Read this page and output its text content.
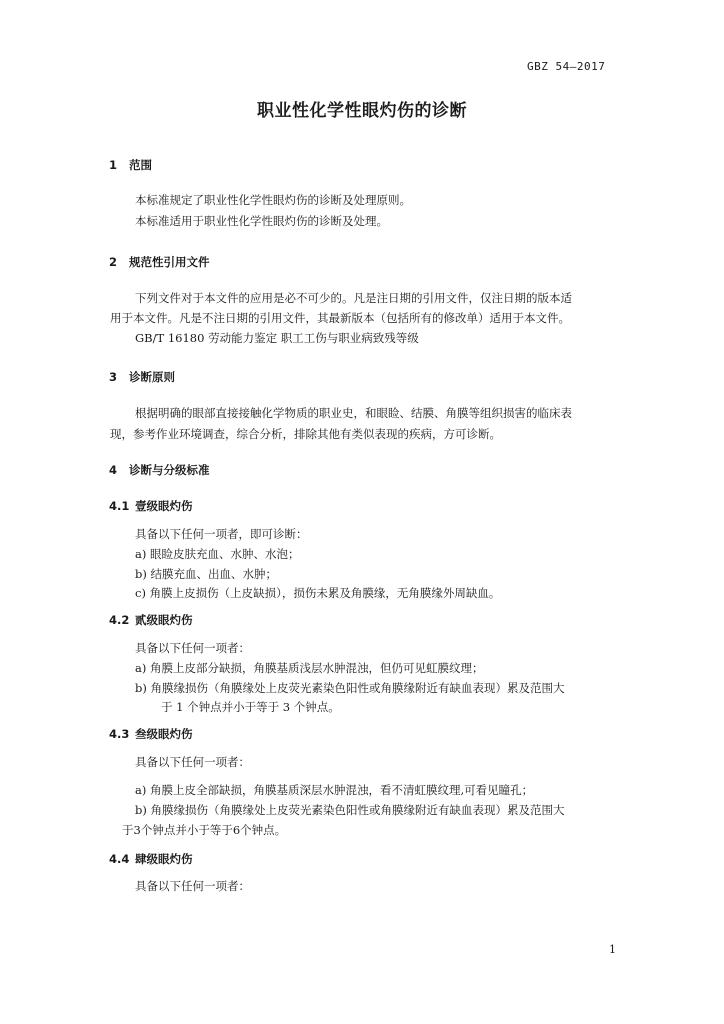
GBZ 54—2017
职业性化学性眼灼伤的诊断
1 范围
本标准规定了职业性化学性眼灼伤的诊断及处理原则。
本标准适用于职业性化学性眼灼伤的诊断及处理。
2 规范性引用文件
下列文件对于本文件的应用是必不可少的。凡是注日期的引用文件，仅注日期的版本适
用于本文件。凡是不注日期的引用文件，其最新版本（包括所有的修改单）适用于本文件。
GB/T 16180 劳动能力鉴定 职工工伤与职业病致残等级
3 诊断原则
根据明确的眼部直接接触化学物质的职业史，和眼睑、结膜、角膜等组织损害的临床表
现，参考作业环境调查，综合分析，排除其他有类似表现的疾病，方可诊断。
4 诊断与分级标准
4.1 壹级眼灼伤
具备以下任何一项者，即可诊断：
a) 眼睑皮肤充血、水肿、水泡；
b) 结膜充血、出血、水肿；
c) 角膜上皮损伤（上皮缺损），损伤未累及角膜缘，无角膜缘外周缺血。
4.2 贰级眼灼伤
具备以下任何一项者：
a) 角膜上皮部分缺损，角膜基质浅层水肿混浊，但仍可见虹膜纹理；
b) 角膜缘损伤（角膜缘处上皮荧光素染色阳性或角膜缘附近有缺血表现）累及范围大
于 1 个钟点并小于等于 3 个钟点。
4.3 叁级眼灼伤
具备以下任何一项者：
a) 角膜上皮全部缺损，角膜基质深层水肿混浊，看不清虹膜纹理,可看见瞳孔；
b) 角膜缘损伤（角膜缘处上皮荧光素染色阳性或角膜缘附近有缺血表现）累及范围大
于3个钟点并小于等于6个钟点。
4.4 肆级眼灼伤
具备以下任何一项者：
1
